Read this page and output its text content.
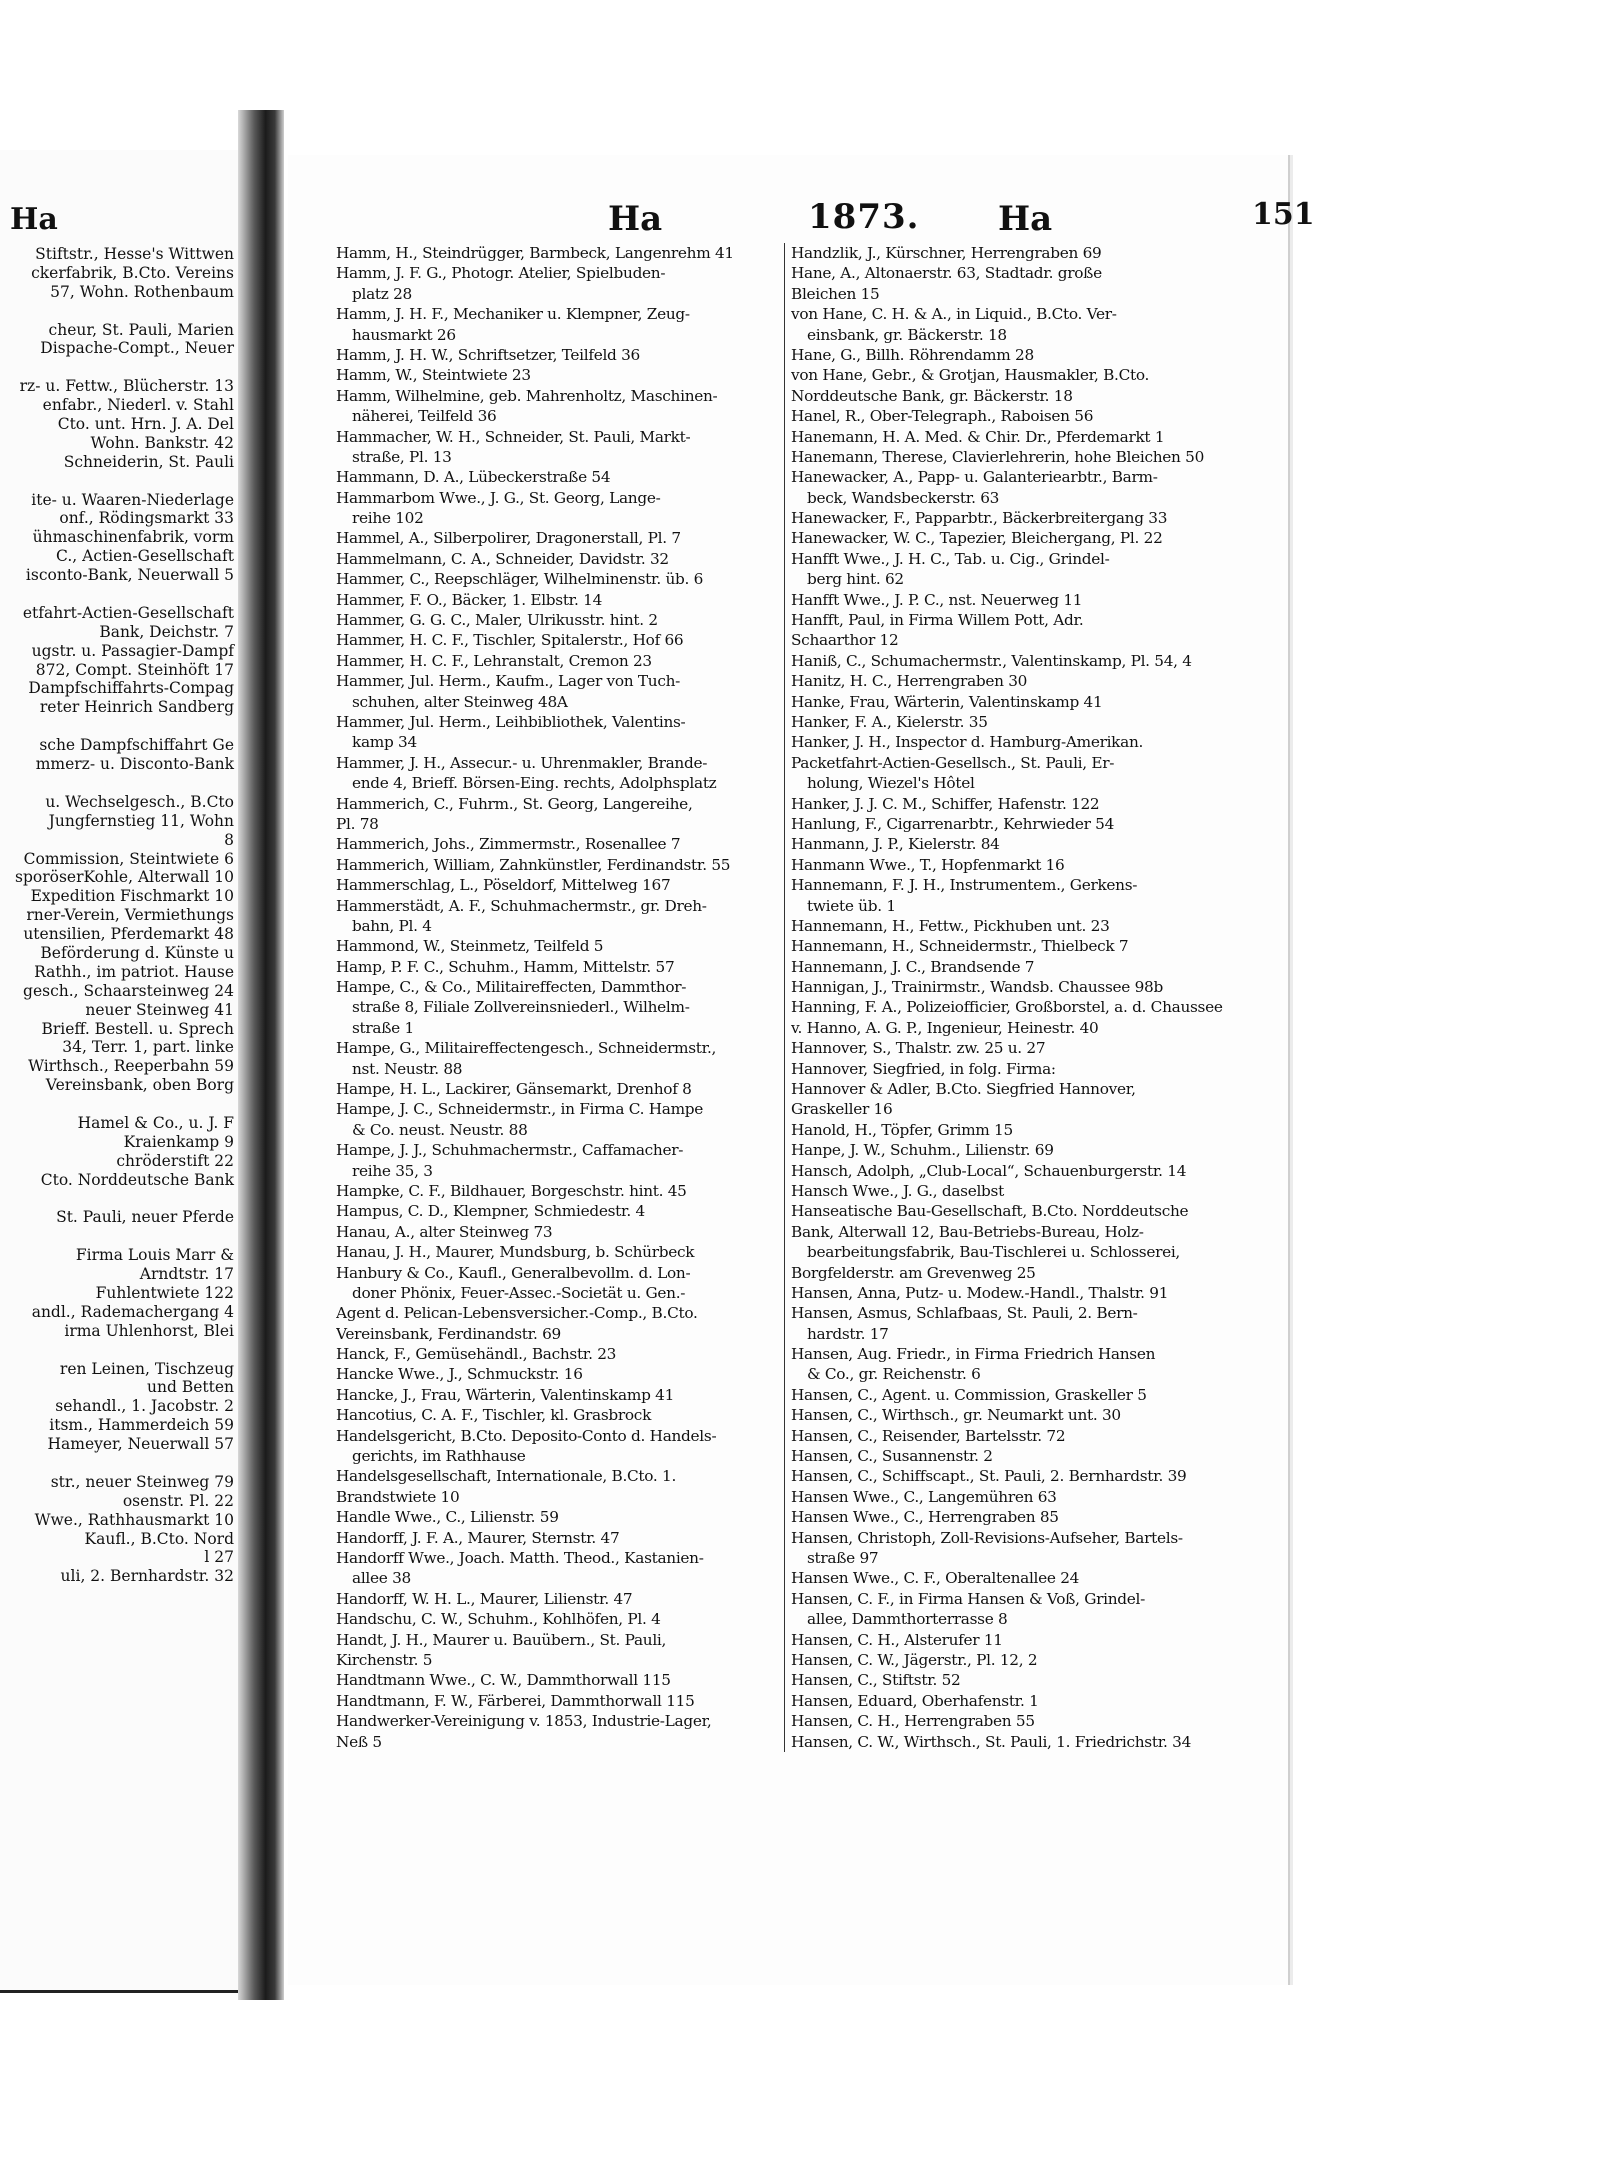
Ha
Stiftstr., Hesse's Wittwen
ckerfabrik, B.Cto. Vereins
57, Wohn. Rothenbaum
cheur, St. Pauli, Marien
Dispache-Compt., Neuer
rz- u. Fettw., Blücherstr. 13
enfabr., Niederl. v. Stahl
Cto. unt. Hrn. J. A. Del
Wohn. Bankstr. 42
Schneiderin, St. Pauli
ite- u. Waaren-Niederlage
onf., Rödingsmarkt 33
ühmaschinenfabrik, vorm
C., Actien-Gesellschaft
isconto-Bank, Neuerwall 5
etfahrt-Actien-Gesellschaft
Bank, Deichstr. 7
ugstr. u. Passagier-Dampf
872, Compt. Steinhöft 17
Dampfschiffahrts-Compag
reter Heinrich Sandberg
sche Dampfschiffahrt Ge
mmerz- u. Disconto-Bank
u. Wechselgesch., B.Cto
Jungfernstieg 11, Wohn
8
Commission, Steintwiete 6
sporöserKohle, Alterwall 10
Expedition Fischmarkt 10
rner-Verein, Vermiethungs
utensilien, Pferdemarkt 48
Beförderung d. Künste u
Rathh., im patriot. Hause
gesch., Schaarsteinweg 24
neuer Steinweg 41
Brieff. Bestell. u. Sprech
34, Terr. 1, part. linke
Wirthsch., Reeperbahn 59
Vereinsbank, oben Borg
Hamel & Co., u. J. F
Kraienkamp 9
chröderstift 22
Cto. Norddeutsche Bank
St. Pauli, neuer Pferde
Firma Louis Marr &
Arndtstr. 17
Fuhlentwiete 122
andl., Rademachergang 4
irma Uhlenhorst, Blei
ren Leinen, Tischzeug
und Betten
sehandl., 1. Jacobstr. 2
itsm., Hammerdeich 59
Hameyer, Neuerwall 57
str., neuer Steinweg 79
osenstr. Pl. 22
Wwe., Rathhausmarkt 10
Kaufl., B.Cto. Nord
l 27
uli, 2. Bernhardstr. 32
Ha	1873. Ha	151
Hamm, H., Steindrügger, Barmbeck, Langenrehm 41
Hamm, J. F. G., Photogr. Atelier, Spielbuden-
platz 28
Hamm, J. H. F., Mechaniker u. Klempner, Zeug-
hausmarkt 26
Hamm, J. H. W., Schriftsetzer, Teilfeld 36
Hamm, W., Steintwiete 23
Hamm, Wilhelmine, geb. Mahrenholtz, Maschinen-
näherei, Teilfeld 36
Hammacher, W. H., Schneider, St. Pauli, Markt-
straße, Pl. 13
Hammann, D. A., Lübeckerstraße 54
Hammarbom Wwe., J. G., St. Georg, Lange-
reihe 102
Hammel, A., Silberpolirer, Dragonerstall, Pl. 7
Hammelmann, C. A., Schneider, Davidstr. 32
Hammer, C., Reepschläger, Wilhelminenstr. üb. 6
Hammer, F. O., Bäcker, 1. Elbstr. 14
Hammer, G. G. C., Maler, Ulrikusstr. hint. 2
Hammer, H. C. F., Tischler, Spitalerstr., Hof 66
Hammer, H. C. F., Lehranstalt, Cremon 23
Hammer, Jul. Herm., Kaufm., Lager von Tuch-
schuhen, alter Steinweg 48A
Hammer, Jul. Herm., Leihbibliothek, Valentins-
kamp 34
Hammer, J. H., Assecur.- u. Uhrenmakler, Brande-
ende 4, Brieff. Börsen-Eing. rechts, Adolphsplatz
Hammerich, C., Fuhrm., St. Georg, Langereihe,
Pl. 78
Hammerich, Johs., Zimmermstr., Rosenallee 7
Hammerich, William, Zahnkünstler, Ferdinandstr. 55
Hammerschlag, L., Pöseldorf, Mittelweg 167
Hammerstädt, A. F., Schuhmachermstr., gr. Dreh-
bahn, Pl. 4
Hammond, W., Steinmetz, Teilfeld 5
Hamp, P. F. C., Schuhm., Hamm, Mittelstr. 57
Hampe, C., & Co., Militaireffecten, Dammthor-
straße 8, Filiale Zollvereinsniederl., Wilhelm-
straße 1
Hampe, G., Militaireffectengesch., Schneidermstr.,
nst. Neustr. 88
Hampe, H. L., Lackirer, Gänsemarkt, Drenhof 8
Hampe, J. C., Schneidermstr., in Firma C. Hampe
& Co. neust. Neustr. 88
Hampe, J. J., Schuhmachermstr., Caffamacher-
reihe 35, 3
Hampke, C. F., Bildhauer, Borgeschstr. hint. 45
Hampus, C. D., Klempner, Schmiedestr. 4
Hanau, A., alter Steinweg 73
Hanau, J. H., Maurer, Mundsburg, b. Schürbeck
Hanbury & Co., Kaufl., Generalbevollm. d. Lon-
doner Phönix, Feuer-Assec.-Societät u. Gen.-
Agent d. Pelican-Lebensversicher.-Comp., B.Cto.
Vereinsbank, Ferdinandstr. 69
Hanck, F., Gemüsehändl., Bachstr. 23
Hancke Wwe., J., Schmuckstr. 16
Hancke, J., Frau, Wärterin, Valentinskamp 41
Hancotius, C. A. F., Tischler, kl. Grasbrock
Handelsgericht, B.Cto. Deposito-Conto d. Handels-
gerichts, im Rathhause
Handelsgesellschaft, Internationale, B.Cto. 1.
Brandstwiete 10
Handle Wwe., C., Lilienstr. 59
Handorff, J. F. A., Maurer, Sternstr. 47
Handorff Wwe., Joach. Matth. Theod., Kastanien-
allee 38
Handorff, W. H. L., Maurer, Lilienstr. 47
Handschu, C. W., Schuhm., Kohlhöfen, Pl. 4
Handt, J. H., Maurer u. Bauübern., St. Pauli,
Kirchenstr. 5
Handtmann Wwe., C. W., Dammthorwall 115
Handtmann, F. W., Färberei, Dammthorwall 115
Handwerker-Vereinigung v. 1853, Industrie-Lager,
Neß 5
Handzlik, J., Kürschner, Herrengraben 69
Hane, A., Altonaerstr. 63, Stadtadr. große
Bleichen 15
von Hane, C. H. & A., in Liquid., B.Cto. Ver-
einsbank, gr. Bäckerstr. 18
Hane, G., Billh. Röhrendamm 28
von Hane, Gebr., & Grotjan, Hausmakler, B.Cto.
Norddeutsche Bank, gr. Bäckerstr. 18
Hanel, R., Ober-Telegraph., Raboisen 56
Hanemann, H. A. Med. & Chir. Dr., Pferdemarkt 1
Hanemann, Therese, Clavierlehrerin, hohe Bleichen 50
Hanewacker, A., Papp- u. Galanteriearbtr., Barm-
beck, Wandsbeckerstr. 63
Hanewacker, F., Papparbtr., Bäckerbreitergang 33
Hanewacker, W. C., Tapezier, Bleichergang, Pl. 22
Hanfft Wwe., J. H. C., Tab. u. Cig., Grindel-
berg hint. 62
Hanfft Wwe., J. P. C., nst. Neuerweg 11
Hanfft, Paul, in Firma Willem Pott, Adr.
Schaarthor 12
Haniß, C., Schumachermstr., Valentinskamp, Pl. 54, 4
Hanitz, H. C., Herrengraben 30
Hanke, Frau, Wärterin, Valentinskamp 41
Hanker, F. A., Kielerstr. 35
Hanker, J. H., Inspector d. Hamburg-Amerikan.
Packetfahrt-Actien-Gesellsch., St. Pauli, Er-
holung, Wiezel's Hôtel
Hanker, J. J. C. M., Schiffer, Hafenstr. 122
Hanlung, F., Cigarrenarbtr., Kehrwieder 54
Hanmann, J. P., Kielerstr. 84
Hanmann Wwe., T., Hopfenmarkt 16
Hannemann, F. J. H., Instrumentem., Gerkens-
twiete üb. 1
Hannemann, H., Fettw., Pickhuben unt. 23
Hannemann, H., Schneidermstr., Thielbeck 7
Hannemann, J. C., Brandsende 7
Hannigan, J., Trainirmstr., Wandsb. Chaussee 98b
Hanning, F. A., Polizeiofficier, Großborstel, a. d. Chaussee
v. Hanno, A. G. P., Ingenieur, Heinestr. 40
Hannover, S., Thalstr. zw. 25 u. 27
Hannover, Siegfried, in folg. Firma:
Hannover & Adler, B.Cto. Siegfried Hannover,
Graskeller 16
Hanold, H., Töpfer, Grimm 15
Hanpe, J. W., Schuhm., Lilienstr. 69
Hansch, Adolph, „Club-Local“, Schauenburgerstr. 14
Hansch Wwe., J. G., daselbst
Hanseatische Bau-Gesellschaft, B.Cto. Norddeutsche
Bank, Alterwall 12, Bau-Betriebs-Bureau, Holz-
bearbeitungsfabrik, Bau-Tischlerei u. Schlosserei,
Borgfelderstr. am Grevenweg 25
Hansen, Anna, Putz- u. Modew.-Handl., Thalstr. 91
Hansen, Asmus, Schlafbaas, St. Pauli, 2. Bern-
hardstr. 17
Hansen, Aug. Friedr., in Firma Friedrich Hansen
& Co., gr. Reichenstr. 6
Hansen, C., Agent. u. Commission, Graskeller 5
Hansen, C., Wirthsch., gr. Neumarkt unt. 30
Hansen, C., Reisender, Bartelsstr. 72
Hansen, C., Susannenstr. 2
Hansen, C., Schiffscapt., St. Pauli, 2. Bernhardstr. 39
Hansen Wwe., C., Langemühren 63
Hansen Wwe., C., Herrengraben 85
Hansen, Christoph, Zoll-Revisions-Aufseher, Bartels-
straße 97
Hansen Wwe., C. F., Oberaltenallee 24
Hansen, C. F., in Firma Hansen & Voß, Grindel-
allee, Dammthorterrasse 8
Hansen, C. H., Alsterufer 11
Hansen, C. W., Jägerstr., Pl. 12, 2
Hansen, C., Stiftstr. 52
Hansen, Eduard, Oberhafenstr. 1
Hansen, C. H., Herrengraben 55
Hansen, C. W., Wirthsch., St. Pauli, 1. Friedrichstr. 34
